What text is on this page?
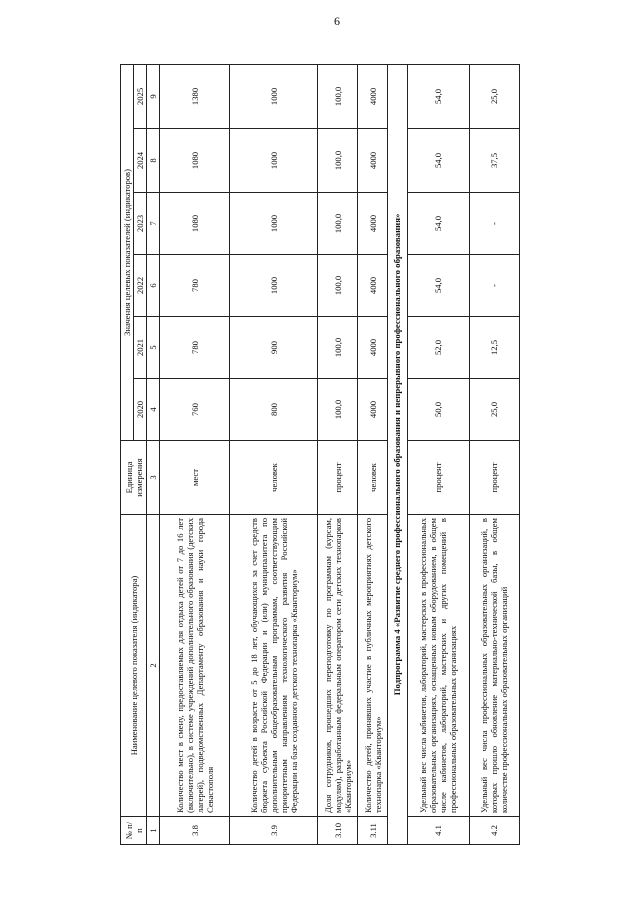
6
№ п/п	Наименование целевого показателя (индикатора)	Единица измерения	Значения целевых показателей (индикаторов)					
			2020	2021	2022	2023	2024	2025
1	2	3	4	5	6	7	8	9
3.8	Количество мест в смену, предоставляемых для отдыха детей от 7 до 16 лет (включительно), в системе учреждений дополнительного образования (детских лагерей), подведомственных Департаменту образования и науки города Севастополя	мест	760	780	780	1080	1080	1380
3.9	Количество детей в возрасте от 5 до 18 лет, обучающихся за счет средств бюджета субъекта Российской Федерации и (или) муниципалитета по дополнительным общеобразовательным программам, соответствующим приоритетным направлениям технологического развития Российской Федерации на базе созданного детского технопарка «Кванториум»	человек	800	900	1000	1000	1000	1000
3.10	Доля сотрудников, прошедших переподготовку по программам (курсам, модулям), разработанным федеральным оператором сети детских технопарков «Кванториум»	процент	100,0	100,0	100,0	100,0	100,0	100,0
3.11	Количество детей, принявших участие в публичных мероприятиях детского технопарка «Кванториум»	человек	4000	4000	4000	4000	4000	4000
Подпрограмма 4 «Развитие среднего профессионального образования и непрерывного профессионального образования»								
4.1	Удельный вес числа кабинетов, лабораторий, мастерских в профессиональных образовательных организациях, оснащенных новым оборудованием, в общем числе кабинетов, лабораторий, мастерских и других помещений в профессиональных образовательных организациях	процент	50,0	52,0	54,0	54,0	54,0	54,0
4.2	Удельный вес числа профессиональных образовательных организаций, в которых прошло обновление материально-технической базы, в общем количестве профессиональных образовательных организаций	процент	25,0	12,5	-	-	37,5	25,0
